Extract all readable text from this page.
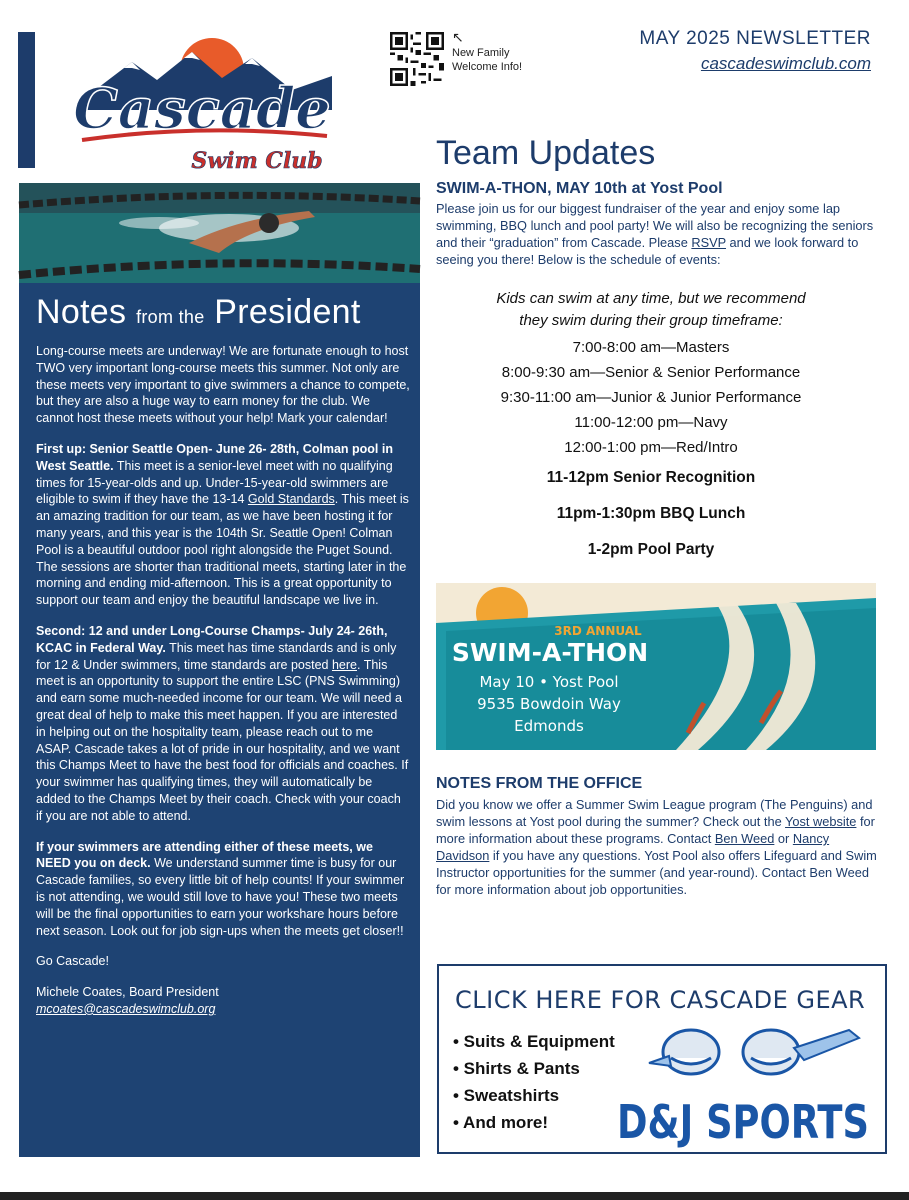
Cascade
Swim Club
↖
New Family
Welcome Info!
MAY 2025 NEWSLETTER
cascadeswimclub.com
Notes from the President

Long-course meets are underway! We are fortunate enough to host TWO very important long-course meets this summer. Not only are these meets very important to give swimmers a chance to compete, but they are also a huge way to earn money for the club. We cannot host these meets without your help! Mark your calendar!

First up: Senior Seattle Open- June 26- 28th, Colman pool in West Seattle. This meet is a senior-level meet with no qualifying times for 15-year-olds and up. Under-15-year-old swimmers are eligible to swim if they have the 13-14 Gold Standards. This meet is an amazing tradition for our team, as we have been hosting it for many years, and this year is the 104th Sr. Seattle Open! Colman Pool is a beautiful outdoor pool right alongside the Puget Sound. The sessions are shorter than traditional meets, starting later in the morning and ending mid-afternoon. This is a great opportunity to support our team and enjoy the beautiful landscape we live in.

Second: 12 and under Long-Course Champs- July 24- 26th, KCAC in Federal Way. This meet has time standards and is only for 12 & Under swimmers, time standards are posted here. This meet is an opportunity to support the entire LSC (PNS Swimming) and earn some much-needed income for our team. We will need a great deal of help to make this meet happen. If you are interested in helping out on the hospitality team, please reach out to me ASAP. Cascade takes a lot of pride in our hospitality, and we want this Champs Meet to have the best food for officials and coaches. If your swimmer has qualifying times, they will automatically be added to the Champs Meet by their coach. Check with your coach if you are not able to attend.

If your swimmers are attending either of these meets, we NEED you on deck. We understand summer time is busy for our Cascade families, so every little bit of help counts! If your swimmer is not attending, we would still love to have you! These two meets will be the final opportunities to earn your workshare hours before next season. Look out for job sign-ups when the meets get closer!!

Go Cascade!

Michele Coates, Board President
mcoates@cascadeswimclub.org
Team Updates
SWIM-A-THON, MAY 10th at Yost Pool
Please join us for our biggest fundraiser of the year and enjoy some lap swimming, BBQ lunch and pool party! We will also be recognizing the seniors and their “graduation” from Cascade. Please RSVP and we look forward to seeing you there! Below is the schedule of events:
Kids can swim at any time, but we recommend
they swim during their group timeframe:
7:00-8:00 am—Masters
8:00-9:30 am—Senior & Senior Performance
9:30-11:00 am—Junior & Junior Performance
11:00-12:00 pm—Navy
12:00-1:00 pm—Red/Intro
11-12pm Senior Recognition
11pm-1:30pm BBQ Lunch
1-2pm Pool Party
3RD ANNUAL
SWIM-A-THON
May 10 • Yost Pool
9535 Bowdoin Way
Edmonds
NOTES FROM THE OFFICE
Did you know we offer a Summer Swim League program (The Penguins) and swim lessons at Yost pool during the summer? Check out the Yost website for more information about these programs. Contact Ben Weed or Nancy Davidson if you have any questions. Yost Pool also offers Lifeguard and Swim Instructor opportunities for the summer (and year-round). Contact Ben Weed for more information about job opportunities.
CLICK HERE FOR CASCADE GEAR
• Suits & Equipment
• Shirts & Pants
• Sweatshirts
• And more!	D&J SPORTS
